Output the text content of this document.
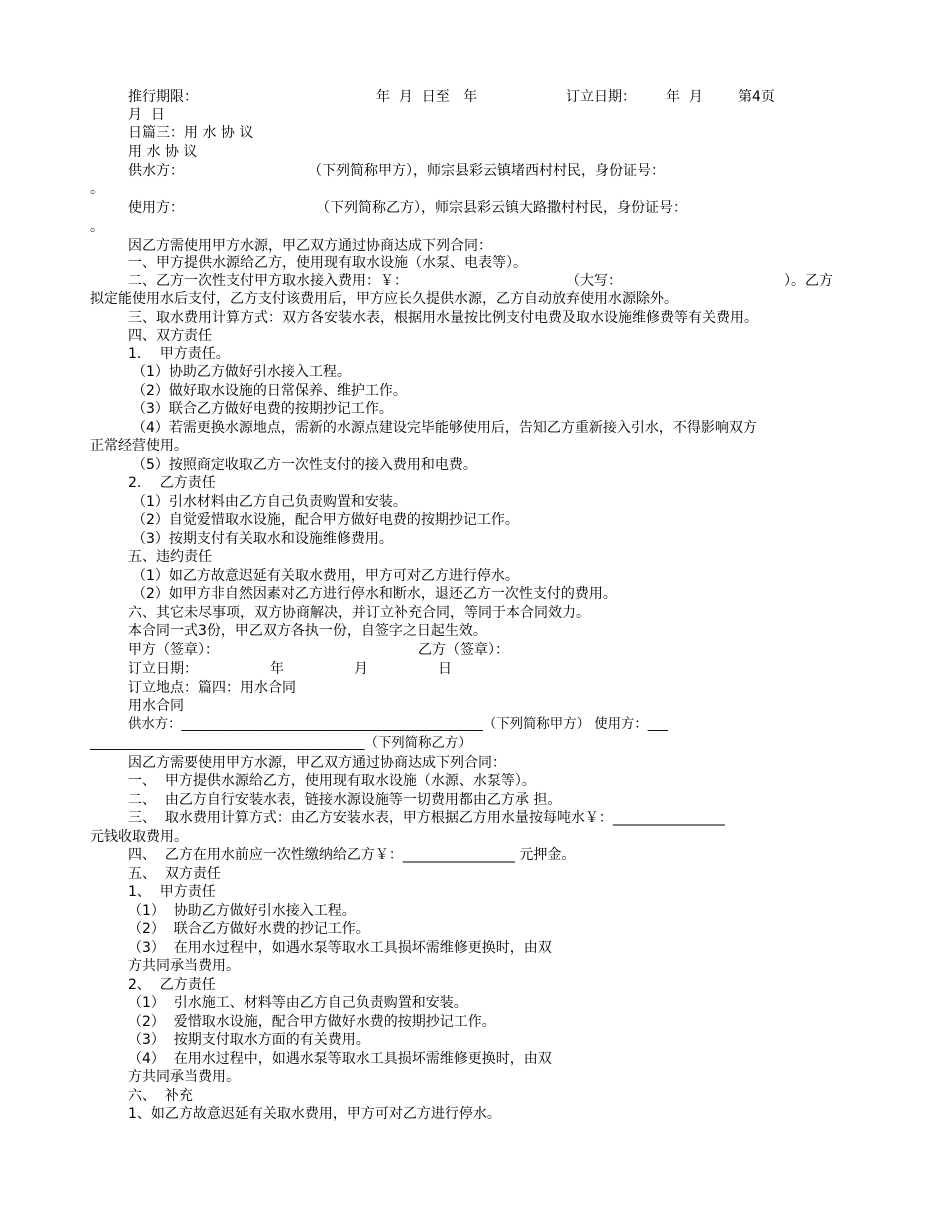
推行期限：	年  月  日至   年	订立日期： 年  月	第4页
月  日
日篇三：用 水 协 议
用 水 协 议
供水方：	（下列简称甲方），师宗县彩云镇堵西村村民，身份证号：
。
使用方：	（下列简称乙方），师宗县彩云镇大路撒村村民，身份证号：
。
因乙方需使用甲方水源，甲乙双方通过协商达成下列合同：
一、甲方提供水源给乙方，使用现有取水设施（水泵、电表等）。
二、乙方一次性支付甲方取水接入费用：￥：	（大写：	）。乙方
拟定能使用水后支付，乙方支付该费用后，甲方应长久提供水源，乙方自动放弃使用水源除外。
三、取水费用计算方式：双方各安装水表，根据用水量按比例支付电费及取水设施维修费等有关费用。
四、双方责任
1．  甲方责任。
（1）协助乙方做好引水接入工程。
（2）做好取水设施的日常保养、维护工作。
（3）联合乙方做好电费的按期抄记工作。
（4）若需更换水源地点，需新的水源点建设完毕能够使用后，告知乙方重新接入引水，不得影响双方
正常经营使用。
（5）按照商定收取乙方一次性支付的接入费用和电费。
2．  乙方责任
（1）引水材料由乙方自己负责购置和安装。
（2）自觉爱惜取水设施，配合甲方做好电费的按期抄记工作。
（3）按期支付有关取水和设施维修费用。
五、违约责任
（1）如乙方故意迟延有关取水费用，甲方可对乙方进行停水。
（2）如甲方非自然因素对乙方进行停水和断水，退还乙方一次性支付的费用。
六、其它未尽事项，双方协商解决，并订立补充合同，等同于本合同效力。
本合同一式3份，甲乙双方各执一份，自签字之日起生效。
甲方（签章）：	乙方（签章）：
订立日期：	年	月	日
订立地点：篇四：用水合同
用水合同
供水方：_____________________________________________（下列简称甲方） 使用方：___
_________________________________________（下列简称乙方）
因乙方需要使用甲方水源，甲乙双方通过协商达成下列合同：
一、  甲方提供水源给乙方，使用现有取水设施（水源、水泵等）。
二、  由乙方自行安装水表，链接水源设施等一切费用都由乙方承 担。
三、  取水费用计算方式：由乙方安装水表，甲方根据乙方用水量按每吨水￥：________________
元钱收取费用。
四、  乙方在用水前应一次性缴纳给乙方￥：________________ 元押金。
五、  双方责任
1、  甲方责任
（1）  协助乙方做好引水接入工程。
（2）  联合乙方做好水费的抄记工作。
（3）  在用水过程中，如遇水泵等取水工具损坏需维修更换时，由双
方共同承当费用。
2、  乙方责任
（1）  引水施工、材料等由乙方自己负责购置和安装。
（2）  爱惜取水设施，配合甲方做好水费的按期抄记工作。
（3）  按期支付取水方面的有关费用。
（4）  在用水过程中，如遇水泵等取水工具损坏需维修更换时，由双
方共同承当费用。
六、  补充
1、如乙方故意迟延有关取水费用，甲方可对乙方进行停水。
